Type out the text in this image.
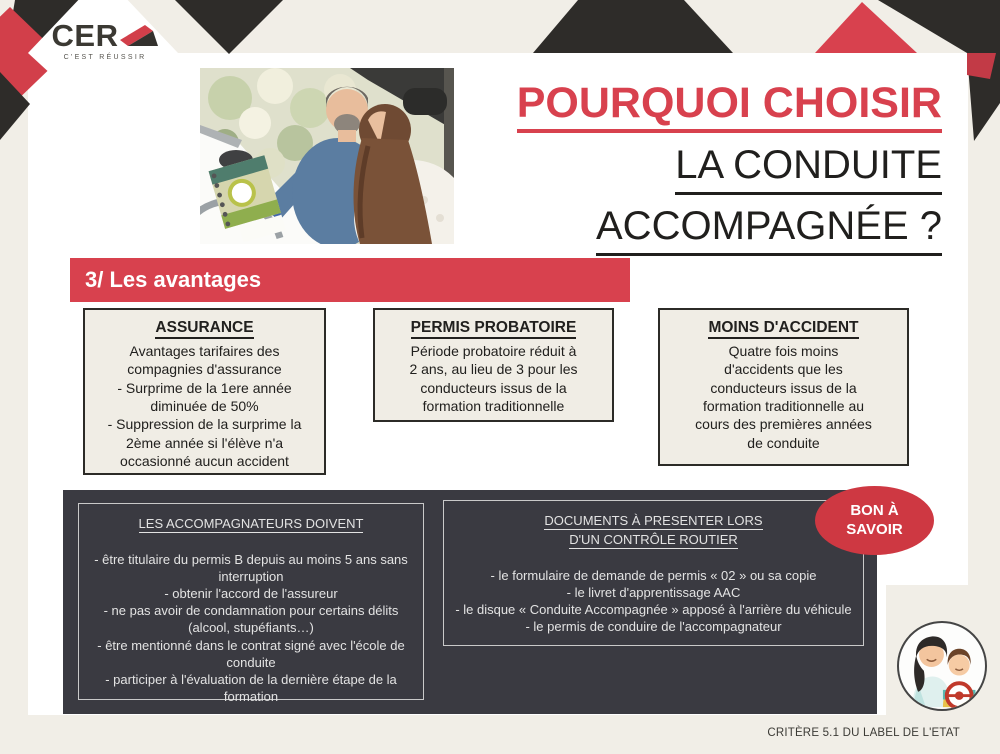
CER
C'EST RÉUSSIR
POURQUOI CHOISIR
LA CONDUITE
ACCOMPAGNÉE ?
3/ Les avantages
ASSURANCE
Avantages tarifaires des
compagnies d'assurance
- Surprime de la 1ere année
diminuée de 50%
- Suppression de la surprime la
2ème année si l'élève n'a
occasionné aucun accident
PERMIS PROBATOIRE
Période probatoire réduit à
2 ans, au lieu de 3 pour les
conducteurs issus de la
formation traditionnelle
MOINS D'ACCIDENT
Quatre fois moins
d'accidents que les
conducteurs issus de la
formation traditionnelle au
cours des premières années
de conduite
LES ACCOMPAGNATEURS DOIVENT
- être titulaire du permis B depuis au moins 5 ans sans interruption
- obtenir l'accord de l'assureur
- ne pas avoir de condamnation pour certains délits (alcool, stupéfiants…)
- être mentionné dans le contrat signé avec l'école de conduite
- participer à l'évaluation de la dernière étape de la formation
DOCUMENTS À PRESENTER LORS
D'UN CONTRÔLE ROUTIER
- le formulaire de demande de permis « 02 » ou sa copie
- le livret d'apprentissage AAC
- le disque « Conduite Accompagnée » apposé à l'arrière du véhicule
- le permis de conduire de l'accompagnateur
BON À
SAVOIR
CRITÈRE 5.1 DU LABEL DE L'ETAT
